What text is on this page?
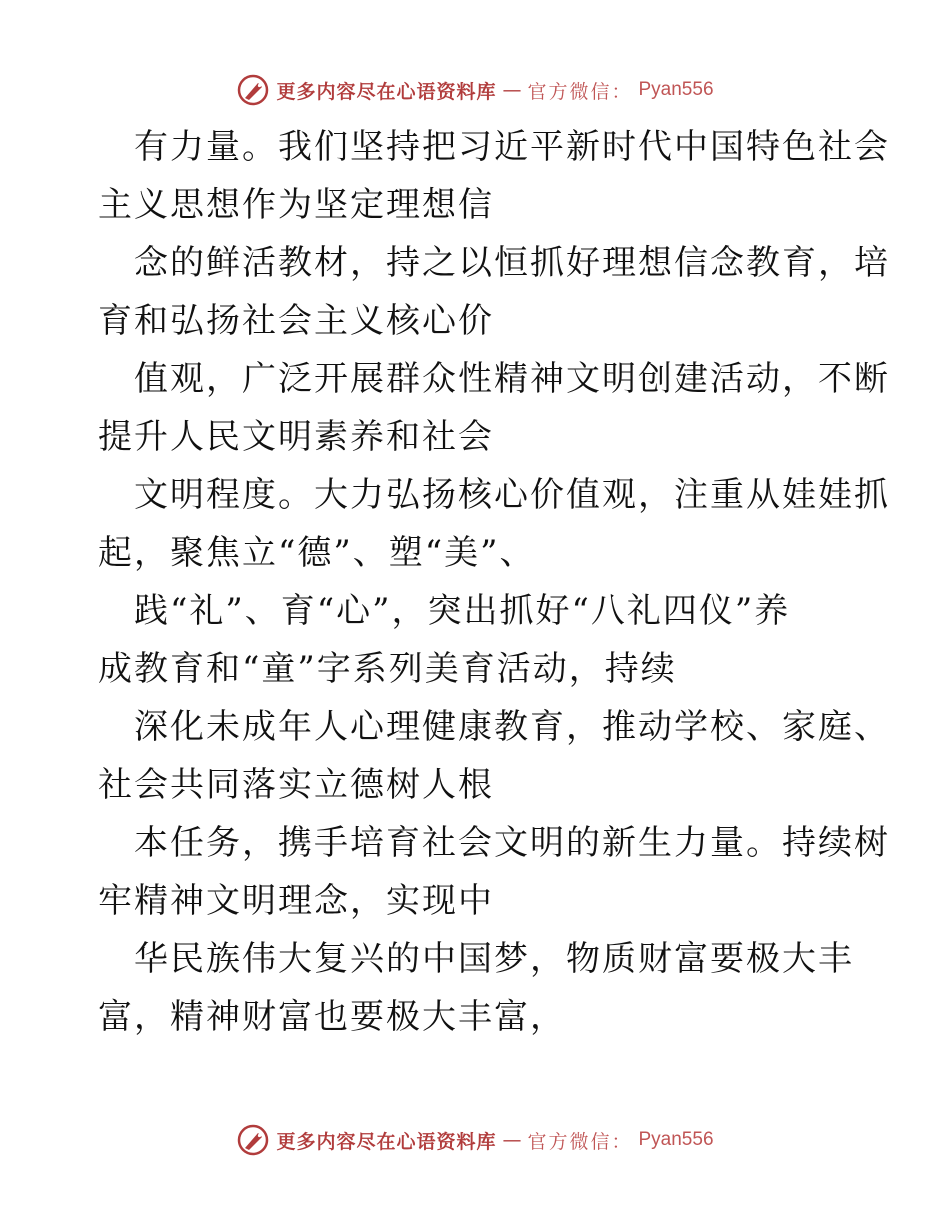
更多内容尽在心语资料库 — 官方微信： Pyan556
有力量。我们坚持把习近平新时代中国特色社会
主义思想作为坚定理想信
念的鲜活教材，持之以恒抓好理想信念教育，培
育和弘扬社会主义核心价
值观，广泛开展群众性精神文明创建活动，不断
提升人民文明素养和社会
文明程度。大力弘扬核心价值观，注重从娃娃抓
起，聚焦立“德”、塑“美”、
践“礼”、育“心”，突出抓好“八礼四仪”养
成教育和“童”字系列美育活动，持续
深化未成年人心理健康教育，推动学校、家庭、
社会共同落实立德树人根
本任务，携手培育社会文明的新生力量。持续树
牢精神文明理念，实现中
华民族伟大复兴的中国梦，物质财富要极大丰
富，精神财富也要极大丰富，
更多内容尽在心语资料库 — 官方微信： Pyan556
